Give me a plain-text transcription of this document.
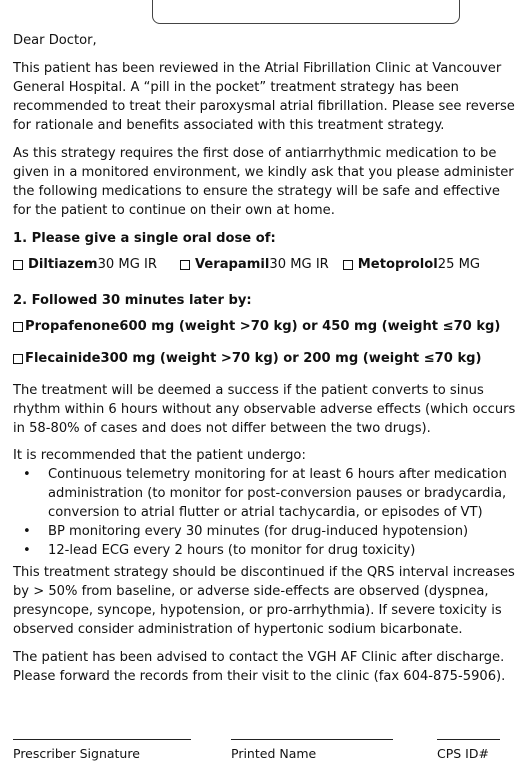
Dear Doctor,

This patient has been reviewed in the Atrial Fibrillation Clinic at Vancouver General Hospital. A “pill in the pocket” treatment strategy has been recommended to treat their paroxysmal atrial fibrillation. Please see reverse for rationale and benefits associated with this treatment strategy.

As this strategy requires the first dose of antiarrhythmic medication to be given in a monitored environment, we kindly ask that you please administer the following medications to ensure the strategy will be safe and effective for the patient to continue on their own at home.

1. Please give a single oral dose of:

Diltiazem 30 MG IR	Verapamil 30 MG IR Metoprolol 25 MG

2. Followed 30 minutes later by:

Propafenone 600 mg (weight >70 kg) or 450 mg (weight ≤70 kg)
Flecainide 300 mg (weight >70 kg) or 200 mg (weight ≤70 kg)

The treatment will be deemed a success if the patient converts to sinus rhythm within 6 hours without any observable adverse effects (which occurs in 58-80% of cases and does not differ between the two drugs).

It is recommended that the patient undergo:

• Continuous telemetry monitoring for at least 6 hours after medication administration (to monitor for post-conversion pauses or bradycardia, conversion to atrial flutter or atrial tachycardia, or episodes of VT)
• BP monitoring every 30 minutes (for drug-induced hypotension)
• 12-lead ECG every 2 hours (to monitor for drug toxicity)

This treatment strategy should be discontinued if the QRS interval increases by > 50% from baseline, or adverse side-effects are observed (dyspnea, presyncope, syncope, hypotension, or pro-arrhythmia). If severe toxicity is observed consider administration of hypertonic sodium bicarbonate.

The patient has been advised to contact the VGH AF Clinic after discharge. Please forward the records from their visit to the clinic (fax 604-875-5906).

Prescriber Signature	Printed Name	CPS ID#
